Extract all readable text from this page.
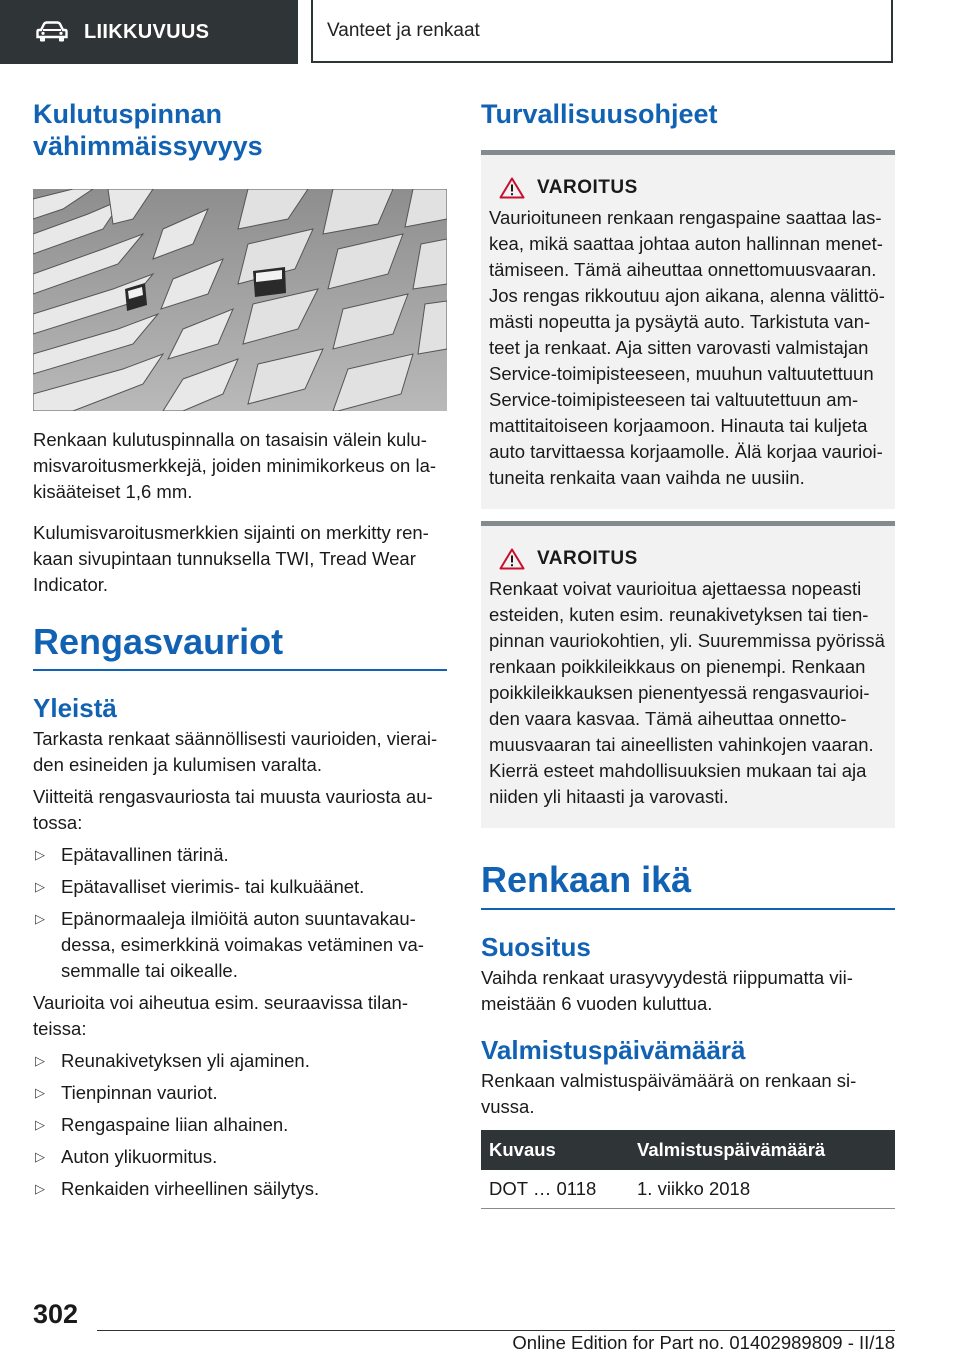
LIIKKUVUUS	Vanteet ja renkaat
Kulutuspinnan vähimmäissyvyys

Renkaan kulutuspinnalla on tasaisin välein kulu-misvaroitusmerkkejä, joiden minimikorkeus on la-kisääteiset 1,6 mm.

Kulumisvaroitusmerkkien sijainti on merkitty ren-kaan sivupintaan tunnuksella TWI, Tread Wear Indicator.

Rengasvauriot
Yleistä

Tarkasta renkaat säännöllisesti vaurioiden, vierai-den esineiden ja kulumisen varalta.

Viitteitä rengasvauriosta tai muusta vauriosta au-tossa:

▷ Epätavallinen tärinä.
▷ Epätavalliset vierimis- tai kulkuäänet.
▷ Epänormaaleja ilmiöitä auton suuntavakau-dessa, esimerkkinä voimakas vetäminen va-semmalle tai oikealle.

Vaurioita voi aiheutua esim. seuraavissa tilan-teissa:

▷ Reunakivetyksen yli ajaminen.
▷ Tienpinnan vauriot.
▷ Rengaspaine liian alhainen.
▷ Auton ylikuormitus.
▷ Renkaiden virheellinen säilytys.
Turvallisuusohjeet
VAROITUS

Vaurioituneen renkaan rengaspaine saattaa las-kea, mikä saattaa johtaa auton hallinnan menet-tämiseen. Tämä aiheuttaa onnettomuusvaaran. Jos rengas rikkoutuu ajon aikana, alenna välittö-mästi nopeutta ja pysäytä auto. Tarkistuta van-teet ja renkaat. Aja sitten varovasti valmistajan Service-toimipisteeseen, muuhun valtuutettuun Service-toimipisteeseen tai valtuutettuun am-mattitaitoiseen korjaamoon. Hinauta tai kuljeta auto tarvittaessa korjaamolle. Älä korjaa vaurioi-tuneita renkaita vaan vaihda ne uusiin.

VAROITUS

Renkaat voivat vaurioitua ajettaessa nopeasti esteiden, kuten esim. reunakivetyksen tai tien-pinnan vauriokohtien, yli. Suuremmissa pyörissä renkaan poikkileikkaus on pienempi. Renkaan poikkileikkauksen pienentyessä rengasvaurioi-den vaara kasvaa. Tämä aiheuttaa onnetto-muusvaaran tai aineellisten vahinkojen vaaran. Kierrä esteet mahdollisuuksien mukaan tai aja niiden yli hitaasti ja varovasti.

Renkaan ikä
Suositus

Vaihda renkaat urasyvyydestä riippumatta vii-meistään 6 vuoden kuluttua.

Valmistuspäivämäärä

Renkaan valmistuspäivämäärä on renkaan si-vussa.

Kuvaus	Valmistuspäivämäärä
DOT … 0118	1. viikko 2018
302
Online Edition for Part no. 01402989809 - II/18
